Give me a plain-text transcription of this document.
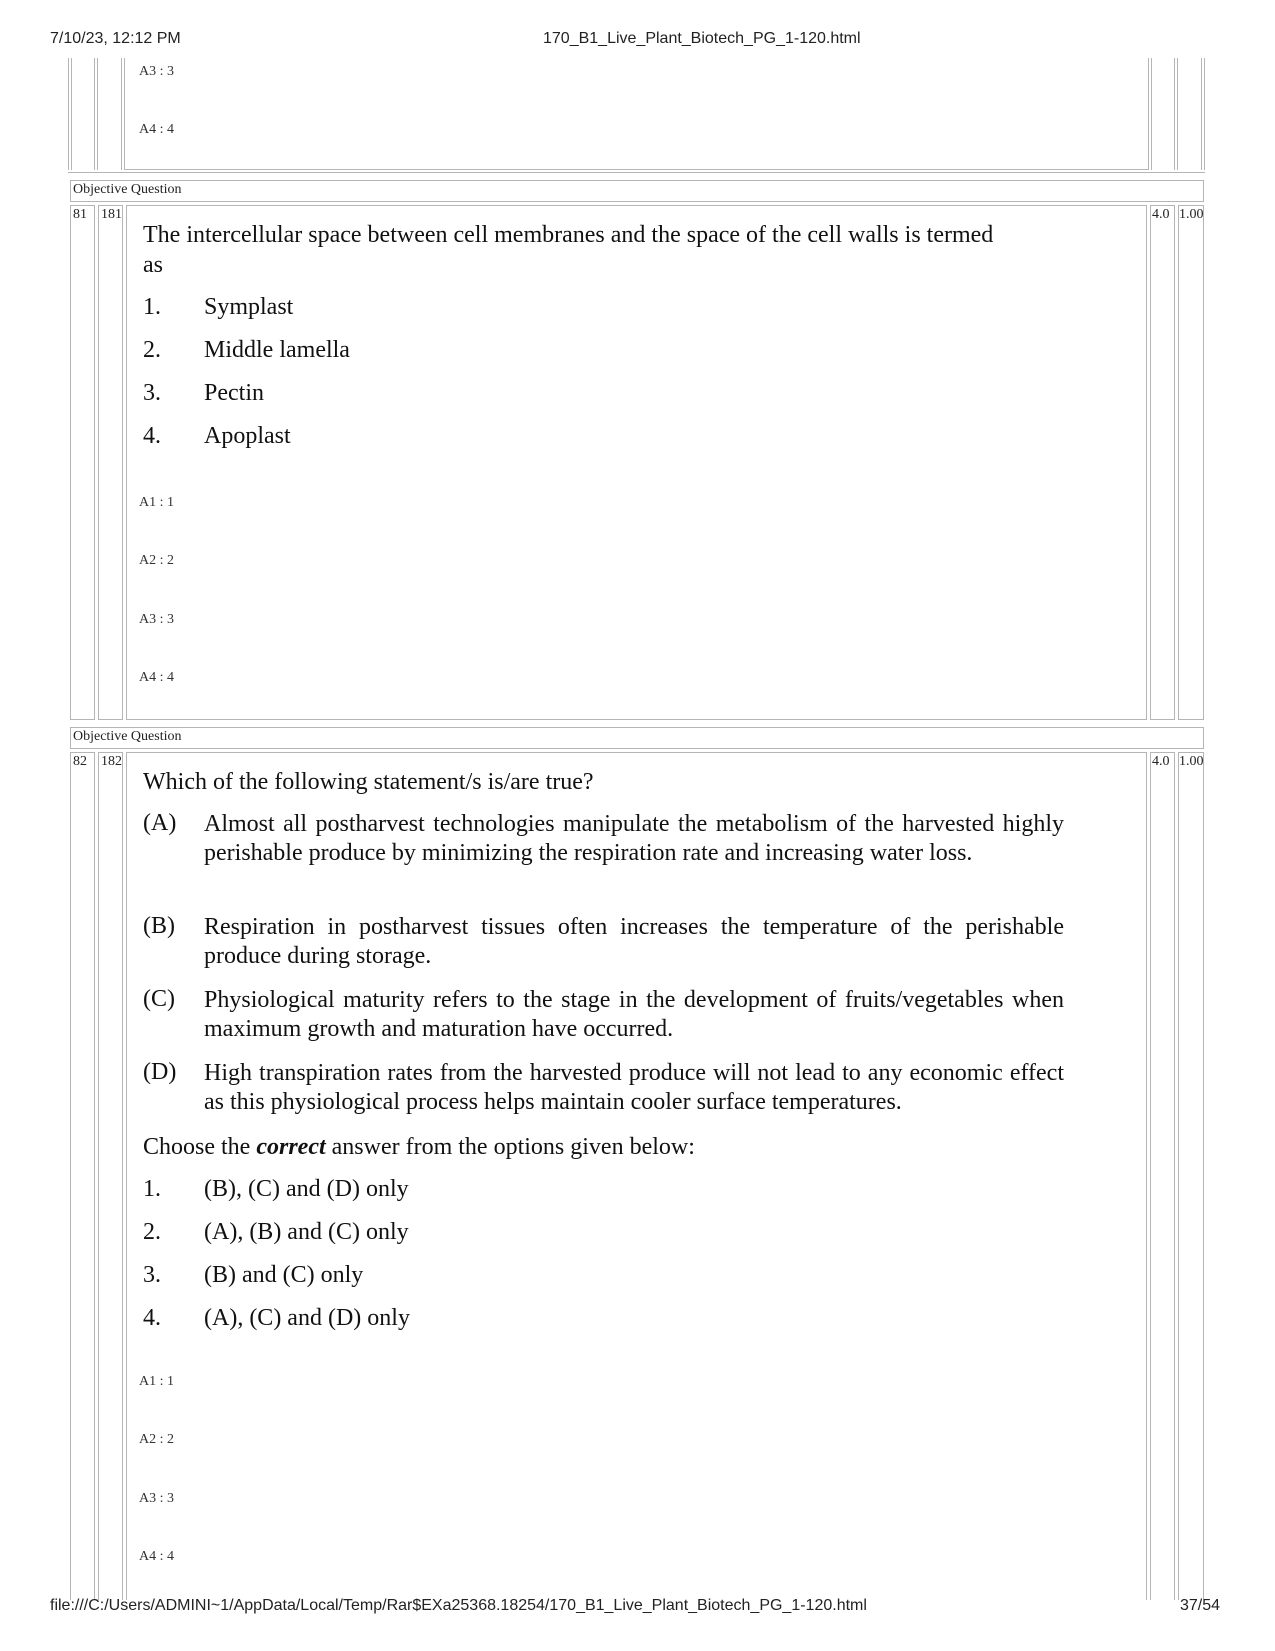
7/10/23, 12:12 PM	170_B1_Live_Plant_Biotech_PG_1-120.html
A3 : 3
A4 : 4
Objective Question
81 181	4.0 1.00
The intercellular space between cell membranes and the space of the cell walls is termed
as
1. Symplast
2. Middle lamella
3. Pectin
4. Apoplast
A1 : 1
A2 : 2
A3 : 3
A4 : 4
Objective Question
82 182	4.0 1.00
Which of the following statement/s is/are true?
(A) Almost all postharvest technologies manipulate the metabolism of the harvested highly perishable produce by minimizing the respiration rate and increasing water loss.
(B) Respiration in postharvest tissues often increases the temperature of the perishable produce during storage.
(C) Physiological maturity refers to the stage in the development of fruits/vegetables when maximum growth and maturation have occurred.
(D) High transpiration rates from the harvested produce will not lead to any economic effect as this physiological process helps maintain cooler surface temperatures.
Choose the correct answer from the options given below:
1. (B), (C) and (D) only
2. (A), (B) and (C) only
3. (B) and (C) only
4. (A), (C) and (D) only
A1 : 1
A2 : 2
A3 : 3
A4 : 4
file:///C:/Users/ADMINI~1/AppData/Local/Temp/Rar$EXa25368.18254/170_B1_Live_Plant_Biotech_PG_1-120.html	37/54
